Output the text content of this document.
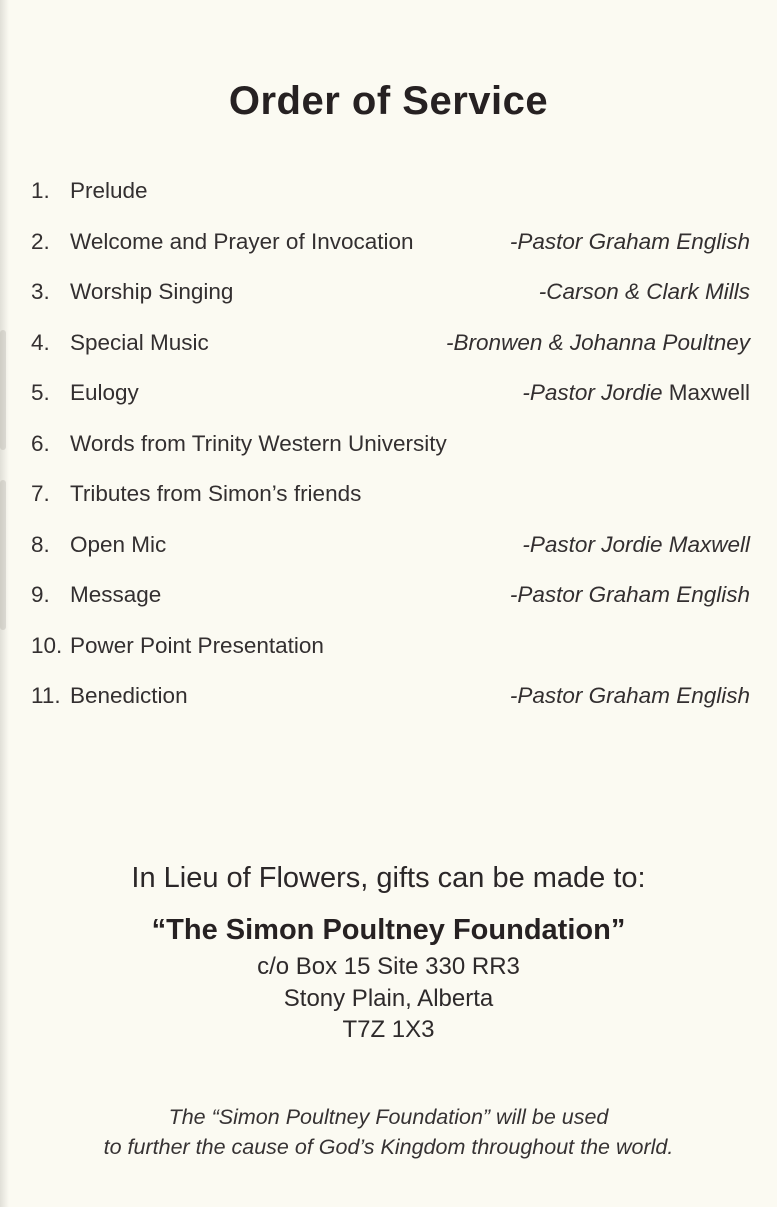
Order of Service
1. Prelude
2. Welcome and Prayer of Invocation	-Pastor Graham English
3. Worship Singing	-Carson & Clark Mills
4. Special Music	-Bronwen & Johanna Poultney
5. Eulogy	-Pastor Jordie Maxwell
6. Words from Trinity Western University
7. Tributes from Simon’s friends
8. Open Mic	-Pastor Jordie Maxwell
9. Message	-Pastor Graham English
10. Power Point Presentation
11. Benediction	-Pastor Graham English
In Lieu of Flowers, gifts can be made to:
“The Simon Poultney Foundation”
c/o Box 15 Site 330 RR3
Stony Plain, Alberta
T7Z 1X3
The “Simon Poultney Foundation” will be used
to further the cause of God’s Kingdom throughout the world.
